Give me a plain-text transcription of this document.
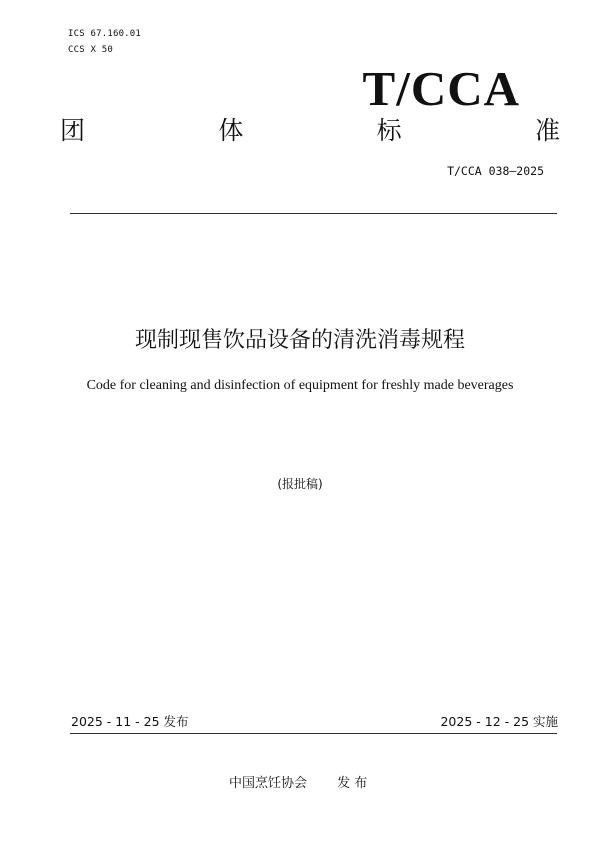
ICS 67.160.01
CCS X 50
T/CCA
团	体	标	准
T/CCA 038—2025
现制现售饮品设备的清洗消毒规程
Code for cleaning and disinfection of equipment for freshly made beverages
(报批稿)
2025 - 11 - 25 发布	2025 - 12 - 25 实施
中国烹饪协会 发 布
